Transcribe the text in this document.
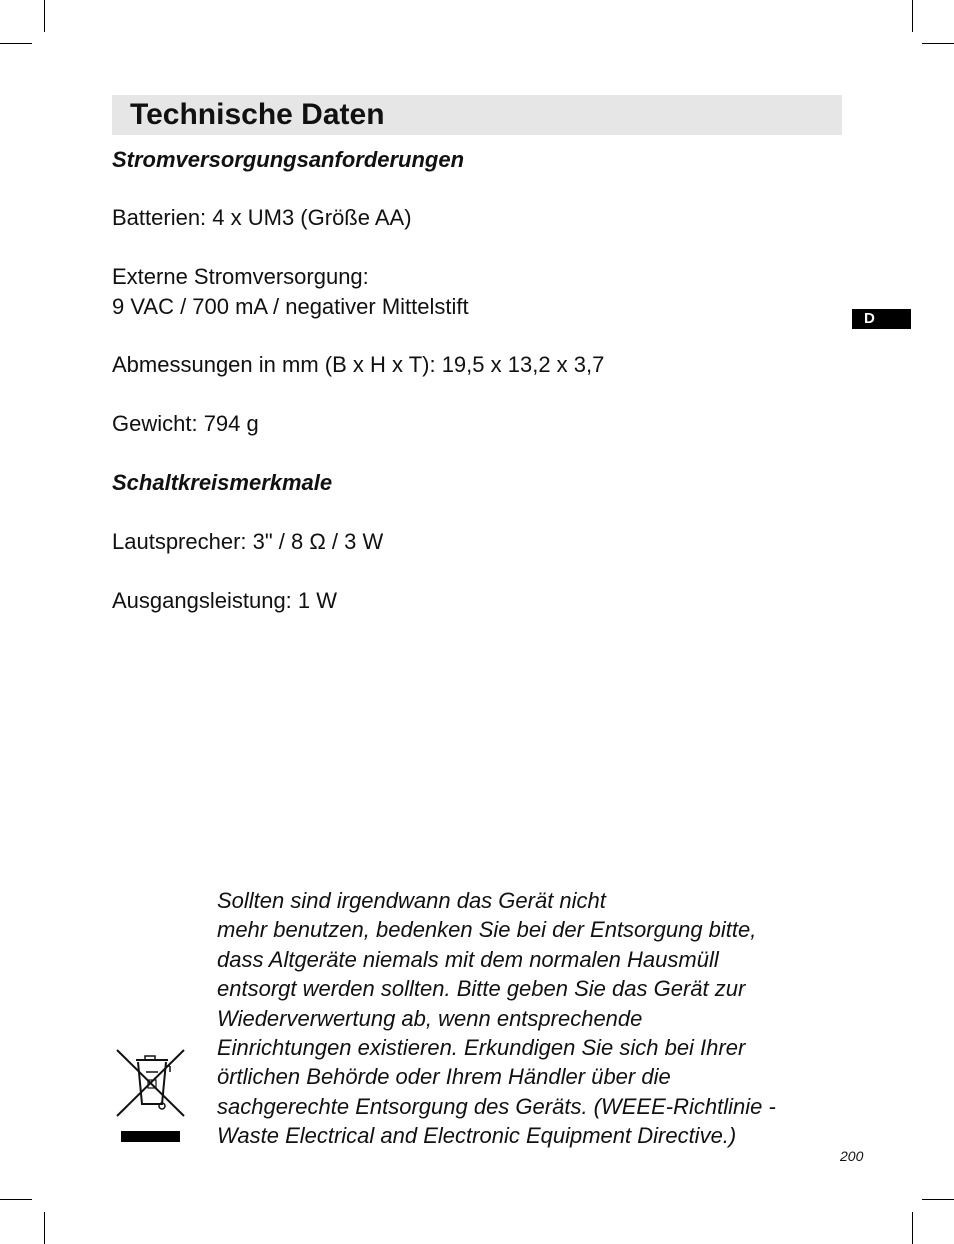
Technische Daten
D
Stromversorgungsanforderungen
Batterien: 4 x UM3 (Größe AA)
Externe Stromversorgung:
9 VAC / 700 mA / negativer Mittelstift
Abmessungen in mm (B x H x T): 19,5 x 13,2 x 3,7
Gewicht: 794 g
Schaltkreismerkmale
Lautsprecher: 3" / 8 Ω / 3 W
Ausgangsleistung: 1 W
Sollten sind irgendwann das Gerät nicht
mehr benutzen, bedenken Sie bei der Entsorgung bitte,
dass Altgeräte niemals mit dem normalen Hausmüll
entsorgt werden sollten. Bitte geben Sie das Gerät zur
Wiederverwertung ab, wenn entsprechende
Einrichtungen existieren. Erkundigen Sie sich bei Ihrer
örtlichen Behörde oder Ihrem Händler über die
sachgerechte Entsorgung des Geräts. (WEEE-Richtlinie -
Waste Electrical and Electronic Equipment Directive.)
200
